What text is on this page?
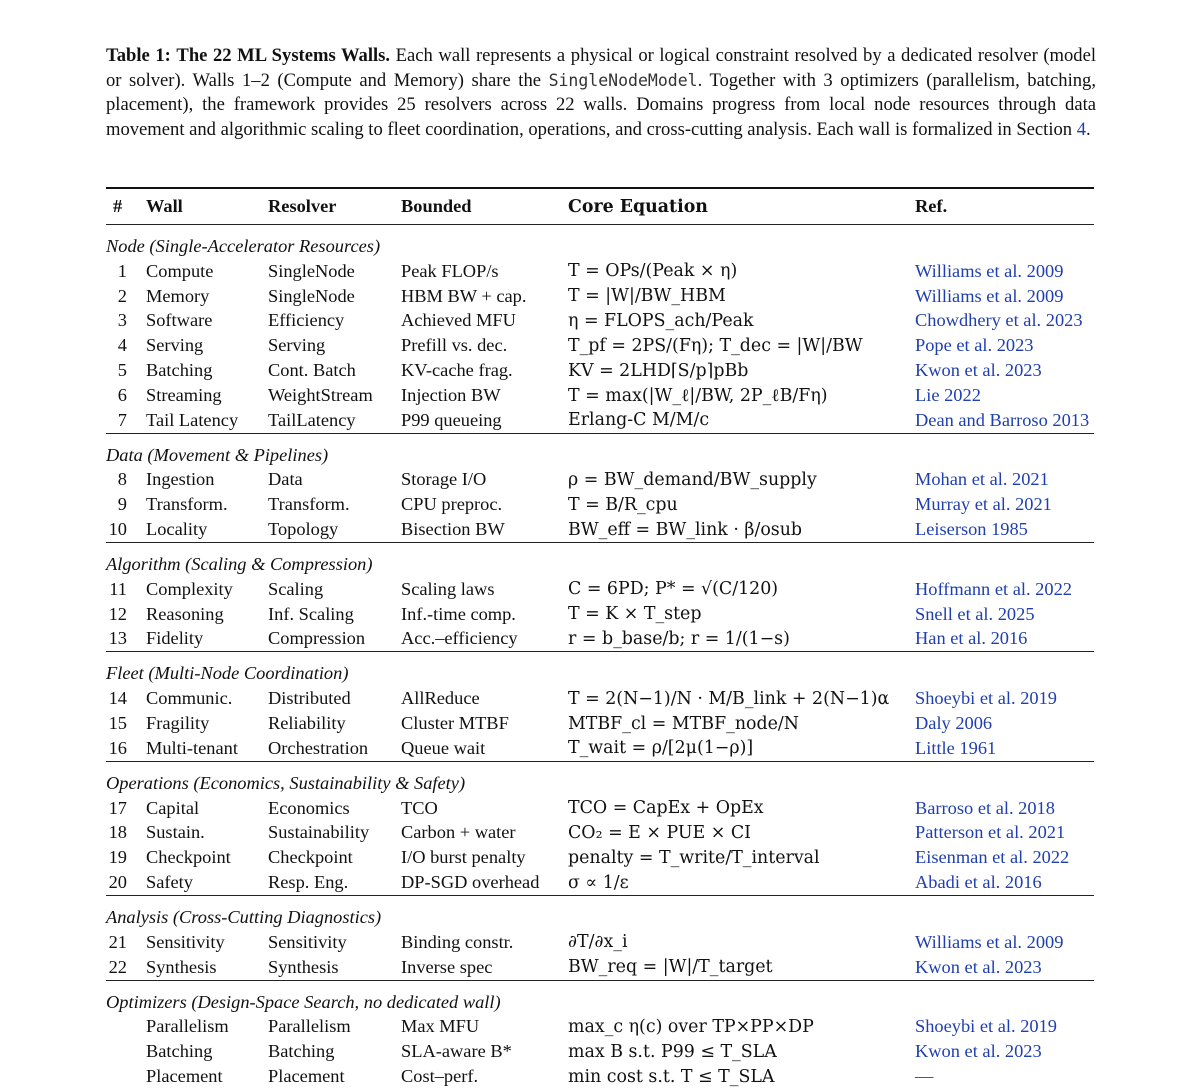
Table 1: The 22 ML Systems Walls. Each wall represents a physical or logical constraint resolved by a dedicated resolver (model or solver). Walls 1–2 (Compute and Memory) share the SingleNodeModel. Together with 3 optimizers (parallelism, batching, placement), the framework provides 25 resolvers across 22 walls. Domains progress from local node resources through data movement and algorithmic scaling to fleet coordination, operations, and cross-cutting analysis. Each wall is formalized in Section 4.
#	Wall	Resolver	Bounded	Core Equation	Ref.
Node (Single-Accelerator Resources)
1	Compute	SingleNode	Peak FLOP/s	T = OPs/(Peak × η)	Williams et al. 2009
2	Memory	SingleNode	HBM BW + cap.	T = |W|/BW_HBM	Williams et al. 2009
3	Software	Efficiency	Achieved MFU	η = FLOPS_ach/Peak	Chowdhery et al. 2023
4	Serving	Serving	Prefill vs. dec.	T_pf = 2PS/(Fη); T_dec = |W|/BW	Pope et al. 2023
5	Batching	Cont. Batch	KV-cache frag.	KV = 2LHD⌈S/p⌉pBb	Kwon et al. 2023
6	Streaming	WeightStream	Injection BW	T = max(|W_ℓ|/BW, 2P_ℓB/Fη)	Lie 2022
7	Tail Latency	TailLatency	P99 queueing	Erlang-C M/M/c	Dean and Barroso 2013
Data (Movement & Pipelines)
8	Ingestion	Data	Storage I/O	ρ = BW_demand/BW_supply	Mohan et al. 2021
9	Transform.	Transform.	CPU preproc.	T = B/R_cpu	Murray et al. 2021
10	Locality	Topology	Bisection BW	BW_eff = BW_link · β/osub	Leiserson 1985
Algorithm (Scaling & Compression)
11	Complexity	Scaling	Scaling laws	C = 6PD; P* = √(C/120)	Hoffmann et al. 2022
12	Reasoning	Inf. Scaling	Inf.-time comp.	T = K × T_step	Snell et al. 2025
13	Fidelity	Compression	Acc.–efficiency	r = b_base/b; r = 1/(1−s)	Han et al. 2016
Fleet (Multi-Node Coordination)
14	Communic.	Distributed	AllReduce	T = 2(N−1)/N · M/B_link + 2(N−1)α	Shoeybi et al. 2019
15	Fragility	Reliability	Cluster MTBF	MTBF_cl = MTBF_node/N	Daly 2006
16	Multi-tenant	Orchestration	Queue wait	T_wait = ρ/[2μ(1−ρ)]	Little 1961
Operations (Economics, Sustainability & Safety)
17	Capital	Economics	TCO	TCO = CapEx + OpEx	Barroso et al. 2018
18	Sustain.	Sustainability	Carbon + water	CO₂ = E × PUE × CI	Patterson et al. 2021
19	Checkpoint	Checkpoint	I/O burst penalty	penalty = T_write/T_interval	Eisenman et al. 2022
20	Safety	Resp. Eng.	DP-SGD overhead	σ ∝ 1/ε	Abadi et al. 2016
Analysis (Cross-Cutting Diagnostics)
21	Sensitivity	Sensitivity	Binding constr.	∂T/∂x_i	Williams et al. 2009
22	Synthesis	Synthesis	Inverse spec	BW_req = |W|/T_target	Kwon et al. 2023
Optimizers (Design-Space Search, no dedicated wall)
Parallelism	Parallelism	Max MFU	max_c η(c) over TP×PP×DP	Shoeybi et al. 2019
Batching	Batching	SLA-aware B*	max B s.t. P99 ≤ T_SLA	Kwon et al. 2023
Placement	Placement	Cost–perf.	min cost s.t. T ≤ T_SLA	—
